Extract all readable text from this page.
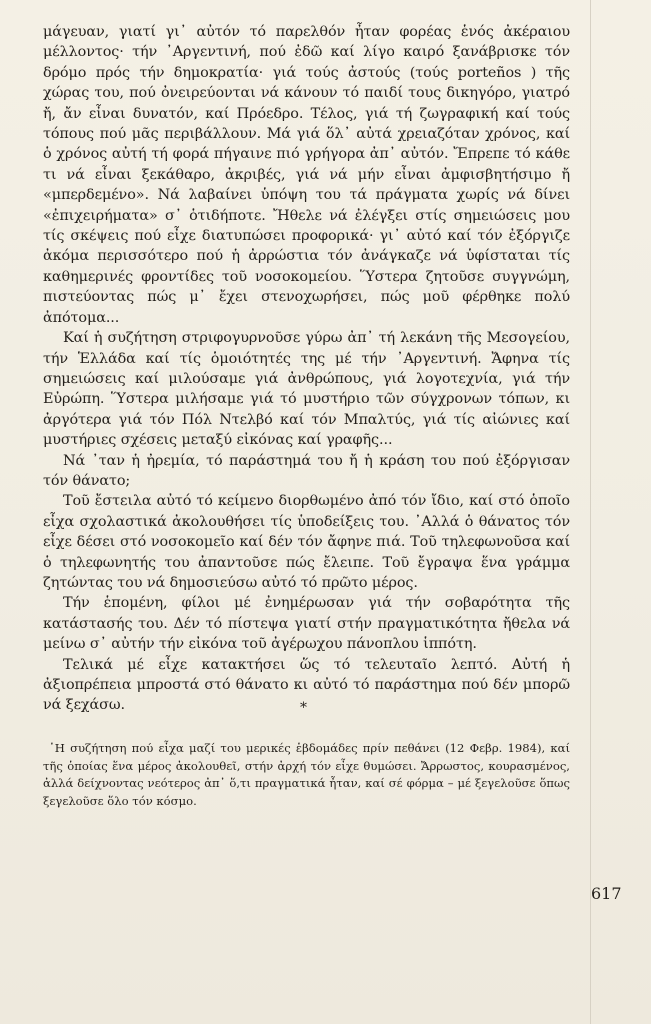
μάγευαν, γιατί γι᾽ αὐτόν τό παρελθόν ἦταν φορέας ἑνός ἀκέραιου μέλλοντος· τήν ᾽Αργεντινή, πού ἐδῶ καί λίγο καιρό ξανάβρισκε τόν δρόμο πρός τήν δημοκρατία· γιά τούς ἀστούς (τούς porteños ) τῆς χώρας του, πού ὀνειρεύονται νά κάνουν τό παιδί τους δικηγόρο, γιατρό ἤ, ἄν εἶναι δυνατόν, καί Πρόεδρο. Τέλος, γιά τή ζωγραφική καί τούς τόπους πού μᾶς περιβάλλουν. Μά γιά ὅλ᾽ αὐτά χρειαζόταν χρόνος, καί ὁ χρόνος αὐτή τή φορά πήγαινε πιό γρήγορα ἀπ᾽ αὐτόν. Ἔπρεπε τό κάθε τι νά εἶναι ξεκάθαρο, ἀκριβές, γιά νά μήν εἶναι ἀμφισβητήσιμο ἤ «μπερδεμένο». Νά λαβαίνει ὑπόψη του τά πράγματα χωρίς νά δίνει «ἐπιχειρήματα» σ᾽ ὁτιδήποτε. Ἤθελε νά ἐλέγξει στίς σημειώσεις μου τίς σκέψεις πού εἶχε διατυπώσει προφορικά· γι᾽ αὐτό καί τόν ἐξόργιζε ἀκόμα περισσότερο πού ἡ ἀρρώστια τόν ἀνάγκαζε νά ὑφίσταται τίς καθημερινές φροντίδες τοῦ νοσοκομείου. Ὕστερα ζητοῦσε συγγνώμη, πιστεύοντας πώς μ᾽ ἔχει στενοχωρήσει, πώς μοῦ φέρθηκε πολύ ἀπότομα...

Καί ἡ συζήτηση στριφογυρνοῦσε γύρω ἀπ᾽ τή λεκάνη τῆς Μεσογείου, τήν Ἑλλάδα καί τίς ὁμοιότητές της μέ τήν ᾽Αργεντινή. Ἄφηνα τίς σημειώσεις καί μιλούσαμε γιά ἀνθρώπους, γιά λογοτεχνία, γιά τήν Εὐρώπη. Ὕστερα μιλήσαμε γιά τό μυστήριο τῶν σύγχρονων τόπων, κι ἀργότερα γιά τόν Πόλ Ντελβό καί τόν Μπαλτύς, γιά τίς αἰώνιες καί μυστήριες σχέσεις μεταξύ εἰκόνας καί γραφῆς...

Νά ᾽ταν ἡ ἠρεμία, τό παράστημά του ἤ ἡ κράση του πού ἐξόργισαν τόν θάνατο;

Τοῦ ἔστειλα αὐτό τό κείμενο διορθωμένο ἀπό τόν ἴδιο, καί στό ὁποῖο εἶχα σχολαστικά ἀκολουθήσει τίς ὑποδείξεις του. ᾽Αλλά ὁ θάνατος τόν εἶχε δέσει στό νοσοκομεῖο καί δέν τόν ἄφηνε πιά. Τοῦ τηλεφωνοῦσα καί ὁ τηλεφωνητής του ἀπαντοῦσε πώς ἔλειπε. Τοῦ ἔγραψα ἕνα γράμμα ζητώντας του νά δημοσιεύσω αὐτό τό πρῶτο μέρος.

Τήν ἑπομένη, φίλοι μέ ἐνημέρωσαν γιά τήν σοβαρότητα τῆς κατάστασής του. Δέν τό πίστεψα γιατί στήν πραγματικότητα ἤθελα νά μείνω σ᾽ αὐτήν τήν εἰκόνα τοῦ ἀγέρωχου πάνοπλου ἱππότη.

Τελικά μέ εἶχε κατακτήσει ὥς τό τελευταῖο λεπτό. Αὐτή ἡ ἀξιοπρέπεια μπροστά στό θάνατο κι αὐτό τό παράστημα πού δέν μπορῶ νά ξεχάσω.	*

῾Η συζήτηση πού εἶχα μαζί του μερικές ἑβδομάδες πρίν πεθάνει (12 Φεβρ. 1984), καί τῆς ὁποίας ἕνα μέρος ἀκολουθεῖ, στήν ἀρχή τόν εἶχε θυμώσει. Ἄρρωστος, κουρασμένος, ἀλλά δείχνοντας νεότερος ἀπ᾽ ὅ,τι πραγματικά ἦταν, καί σέ φόρμα – μέ ξεγελοῦσε ὅπως ξεγελοῦσε ὅλο τόν κόσμο.

617
